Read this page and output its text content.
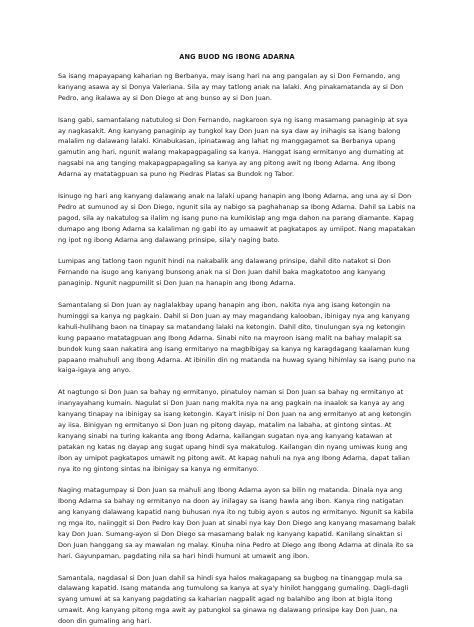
ANG BUOD NG IBONG ADARNA

Sa isang mapayapang kaharian ng Berbanya, may isang hari na ang pangalan ay si Don Fernando, ang kanyang asawa ay si Donya Valeriana. Sila ay may tatlong anak na lalaki. Ang pinakamatanda ay si Don Pedro, ang ikalawa ay si Don Diego at ang bunso ay si Don Juan.

Isang gabi, samantalang natutulog si Don Fernando, nagkaroon sya ng isang masamang panaginip at sya ay nagkasakit. Ang kanyang panaginip ay tungkol kay Don Juan na sya daw ay inihagis sa isang balong malalim ng dalawang lalaki. Kinabukasan, ipinatawag ang lahat ng manggagamot sa Berbanya upang gamutin ang hari, ngunit walang makapagpagaling sa kanya. Hanggat isang ermitanyo ang dumating at nagsabi na ang tanging makapagpapagaling sa kanya ay ang pitong awit ng Ibong Adarna. Ang Ibong Adarna ay matatagpuan sa puno ng Piedras Platas sa Bundok ng Tabor.

Isinugo ng hari ang kanyang dalawang anak na lalaki upang hanapin ang Ibong Adarna, ang una ay si Don Pedro at sumunod ay si Don Diego, ngunit sila ay nabigo sa paghahanap sa Ibong Adarna. Dahil sa Labis na pagod, sila ay nakatulog sa ilalim ng isang puno na kumikislap ang mga dahon na parang diamante. Kapag dumapo ang Ibong Adarna sa kalaliman ng gabi ito ay umaawit at pagkatapos ay umiipot. Nang mapatakan ng ipot ng ibong Adarna ang dalawang prinsipe, sila'y naging bato.

Lumipas ang tatlong taon ngunit hindi na nakabalik ang dalawang prinsipe, dahil dito natakot si Don Fernando na isugo ang kanyang bunsong anak na si Don Juan dahil baka magkatotoo ang kanyang panaginip. Ngunit nagpumilit si Don Juan na hanapin ang Ibong Adarna.

Samantalang si Don Juan ay naglalakbay upang hanapin ang ibon, nakita nya ang isang ketongin na huminggi sa kanya ng pagkain. Dahil si Don Juan ay may magandang kalooban, ibinigay nya ang kanyang kahuli-hulihang baon na tinapay sa matandang lalaki na ketongin. Dahil dito, tinulungan sya ng ketongin kung papaano matatagpuan ang Ibong Adarna. Sinabi nito na mayroon isang malit na bahay malapit sa bundok kung saan nakatira ang isang ermitanyo na magbibigay sa kanya ng karagdagang kaalaman kung papaano mahuhuli ang Ibong Adarna. At ibinilin din ng matanda na huwag syang hihimlay sa isang puno na kaiga-igaya ang anyo.

At nagtungo si Don Juan sa bahay ng ermitanyo, pinatuloy naman si Don Juan sa bahay ng ermitanyo at inanyayahang kumain. Nagulat si Don Juan nang makita nya na ang pagkain na inaalok sa kanya ay ang kanyang tinapay na ibinigay sa isang ketongin. Kaya't inisip ni Don Juan na ang ermitanyo at ang ketongin ay iisa. Binigyan ng ermitanyo si Don Juan ng pitong dayap, matalim na labaha, at gintong sintas. At kanyang sinabi na turing kakanta ang Ibong Adarna, kailangan sugatan nya ang kanyang katawan at patakan ng katas ng dayap ang sugat upang hindi sya makatulog. Kailangan din nyang umiwas kung ang ibon ay umipot pagkatapos umawit ng pitong awit. At kapag nahuli na nya ang Ibong Adarna, dapat talian nya ito ng gintong sintas na ibinigay sa kanya ng ermitanyo.

Naging matagumpay si Don Juan sa mahuli ang Ibong Adarna ayon sa bilin ng matanda. Dinala nya ang Ibong Adarna sa bahay ng ermitanyo na doon ay inilagay sa isang hawla ang ibon. Kanya ring natigatan ang kanyang dalawang kapatid nang buhusan nya ito ng tubig ayon s autos ng ermitanyo. Ngunit sa kabila ng mga ito, naiinggit si Don Pedro kay Don Juan at sinabi nya kay Don Diego ang kanyang masamang balak kay Don Juan. Sumang-ayon si Don Diego sa masamang balak ng kanyang kapatid. Kanilang sinaktan si Don Juan hanggang sa ay mawalan ng malay. Kinuha nina Pedro at Diego ang Ibong Adarna at dinala ito sa hari. Gayunpaman, pagdating nila sa hari hindi humuni at umawit ang ibon.

Samantala, nagdasal si Don Juan dahil sa hindi sya halos makagapang sa bugbog na tinanggap mula sa dalawang kapatid. Isang matanda ang tumulong sa kanya at sya'y hinilot hanggang gumaling. Dagli-dagli syang umuwi at sa kanyang pagdating sa kaharian nagpalit agad ng balahibo ang ibon at bigla itong umawit. Ang kanyang pitong mga awit ay patungkol sa ginawa ng dalawang prinsipe kay Don Juan, na doon din gumaling ang hari.
